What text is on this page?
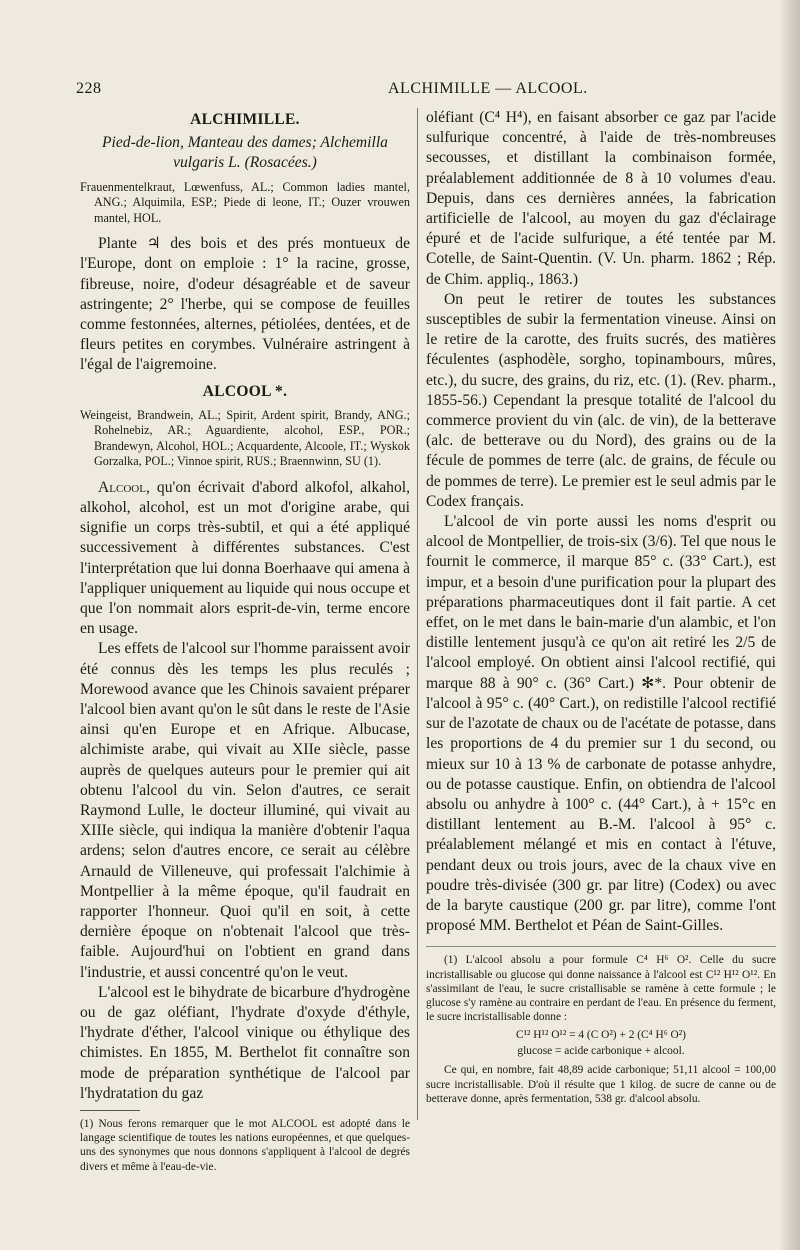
228	ALCHIMILLE — ALCOOL.

ALCHIMILLE.

Pied-de-lion, Manteau des dames; Alchemilla

vulgaris L. (Rosacées.)

Frauenmentelkraut, Lœwenfuss, AL.; Common ladies mantel, ANG.; Alquimila, ESP.; Piede di leone, IT.; Ouzer vrouwen mantel, HOL.

Plante ♃ des bois et des prés montueux de l'Europe, dont on emploie : 1° la racine, grosse, fibreuse, noire, d'odeur désagréable et de saveur astringente; 2° l'herbe, qui se compose de feuilles comme festonnées, alternes, pétiolées, dentées, et de fleurs petites en corymbes. Vulnéraire astringent à l'égal de l'aigremoine.

ALCOOL *.

Weingeist, Brandwein, AL.; Spirit, Ardent spirit, Brandy, ANG.; Rohelnebiz, AR.; Aguardiente, alcohol, ESP., POR.; Brandewyn, Alcohol, HOL.; Acquardente, Alcoole, IT.; Wyskok Gorzalka, POL.; Vinnoe spirit, RUS.; Braennwinn, SU (1).

Alcool, qu'on écrivait d'abord alkofol, alkahol, alkohol, alcohol, est un mot d'origine arabe, qui signifie un corps très-subtil, et qui a été appliqué successivement à différentes substances. C'est l'interprétation que lui donna Boerhaave qui amena à l'appliquer uniquement au liquide qui nous occupe et que l'on nommait alors esprit-de-vin, terme encore en usage.

Les effets de l'alcool sur l'homme paraissent avoir été connus dès les temps les plus reculés ; Morewood avance que les Chinois savaient préparer l'alcool bien avant qu'on le sût dans le reste de l'Asie ainsi qu'en Europe et en Afrique. Albucase, alchimiste arabe, qui vivait au XIIe siècle, passe auprès de quelques auteurs pour le premier qui ait obtenu l'alcool du vin. Selon d'autres, ce serait Raymond Lulle, le docteur illuminé, qui vivait au XIIIe siècle, qui indiqua la manière d'obtenir l'aqua ardens; selon d'autres encore, ce serait au célèbre Arnauld de Villeneuve, qui professait l'alchimie à Montpellier à la même époque, qu'il faudrait en rapporter l'honneur. Quoi qu'il en soit, à cette dernière époque on n'obtenait l'alcool que très-faible. Aujourd'hui on l'obtient en grand dans l'industrie, et aussi concentré qu'on le veut.

L'alcool est le bihydrate de bicarbure d'hydrogène ou de gaz oléfiant, l'hydrate d'oxyde d'éthyle, l'hydrate d'éther, l'alcool vinique ou éthylique des chimistes. En 1855, M. Berthelot fit connaître son mode de préparation synthétique de l'alcool par l'hydratation du gaz

(1) Nous ferons remarquer que le mot ALCOOL est adopté dans le langage scientifique de toutes les nations européennes, et que quelques-uns des synonymes que nous donnons s'appliquent à l'alcool de degrés divers et même à l'eau-de-vie.

oléfiant (C⁴ H⁴), en faisant absorber ce gaz par l'acide sulfurique concentré, à l'aide de très-nombreuses secousses, et distillant la combinaison formée, préalablement additionnée de 8 à 10 volumes d'eau. Depuis, dans ces dernières années, la fabrication artificielle de l'alcool, au moyen du gaz d'éclairage épuré et de l'acide sulfurique, a été tentée par M. Cotelle, de Saint-Quentin. (V. Un. pharm. 1862 ; Rép. de Chim. appliq., 1863.)

On peut le retirer de toutes les substances susceptibles de subir la fermentation vineuse. Ainsi on le retire de la carotte, des fruits sucrés, des matières féculentes (asphodèle, sorgho, topinambours, mûres, etc.), du sucre, des grains, du riz, etc. (1). (Rev. pharm., 1855-56.) Cependant la presque totalité de l'alcool du commerce provient du vin (alc. de vin), de la betterave (alc. de betterave ou du Nord), des grains ou de la fécule de pommes de terre (alc. de grains, de fécule ou de pommes de terre). Le premier est le seul admis par le Codex français.

L'alcool de vin porte aussi les noms d'esprit ou alcool de Montpellier, de trois-six (3/6). Tel que nous le fournit le commerce, il marque 85° c. (33° Cart.), est impur, et a besoin d'une purification pour la plupart des préparations pharmaceutiques dont il fait partie. A cet effet, on le met dans le bain-marie d'un alambic, et l'on distille lentement jusqu'à ce qu'on ait retiré les 2/5 de l'alcool employé. On obtient ainsi l'alcool rectifié, qui marque 88 à 90° c. (36° Cart.) ✻*. Pour obtenir de l'alcool à 95° c. (40° Cart.), on redistille l'alcool rectifié sur de l'azotate de chaux ou de l'acétate de potasse, dans les proportions de 4 du premier sur 1 du second, ou mieux sur 10 à 13 % de carbonate de potasse anhydre, ou de potasse caustique. Enfin, on obtiendra de l'alcool absolu ou anhydre à 100° c. (44° Cart.), à + 15°c en distillant lentement au B.-M. l'alcool à 95° c. préalablement mélangé et mis en contact à l'étuve, pendant deux ou trois jours, avec de la chaux vive en poudre très-divisée (300 gr. par litre) (Codex) ou avec de la baryte caustique (200 gr. par litre), comme l'ont proposé MM. Berthelot et Péan de Saint-Gilles.

(1) L'alcool absolu a pour formule C⁴ H⁶ O². Celle du sucre incristallisable ou glucose qui donne naissance à l'alcool est C¹² H¹² O¹². En s'assimilant de l'eau, le sucre cristallisable se ramène à cette formule ; le glucose s'y ramène au contraire en perdant de l'eau. En présence du ferment, le sucre incristallisable donne :

C¹² H¹² O¹² = 4 (C O²) + 2 (C⁴ H⁶ O²)

glucose = acide carbonique + alcool.

Ce qui, en nombre, fait 48,89 acide carbonique; 51,11 alcool = 100,00 sucre incristallisable. D'où il résulte que 1 kilog. de sucre de canne ou de betterave donne, après fermentation, 538 gr. d'alcool absolu.
